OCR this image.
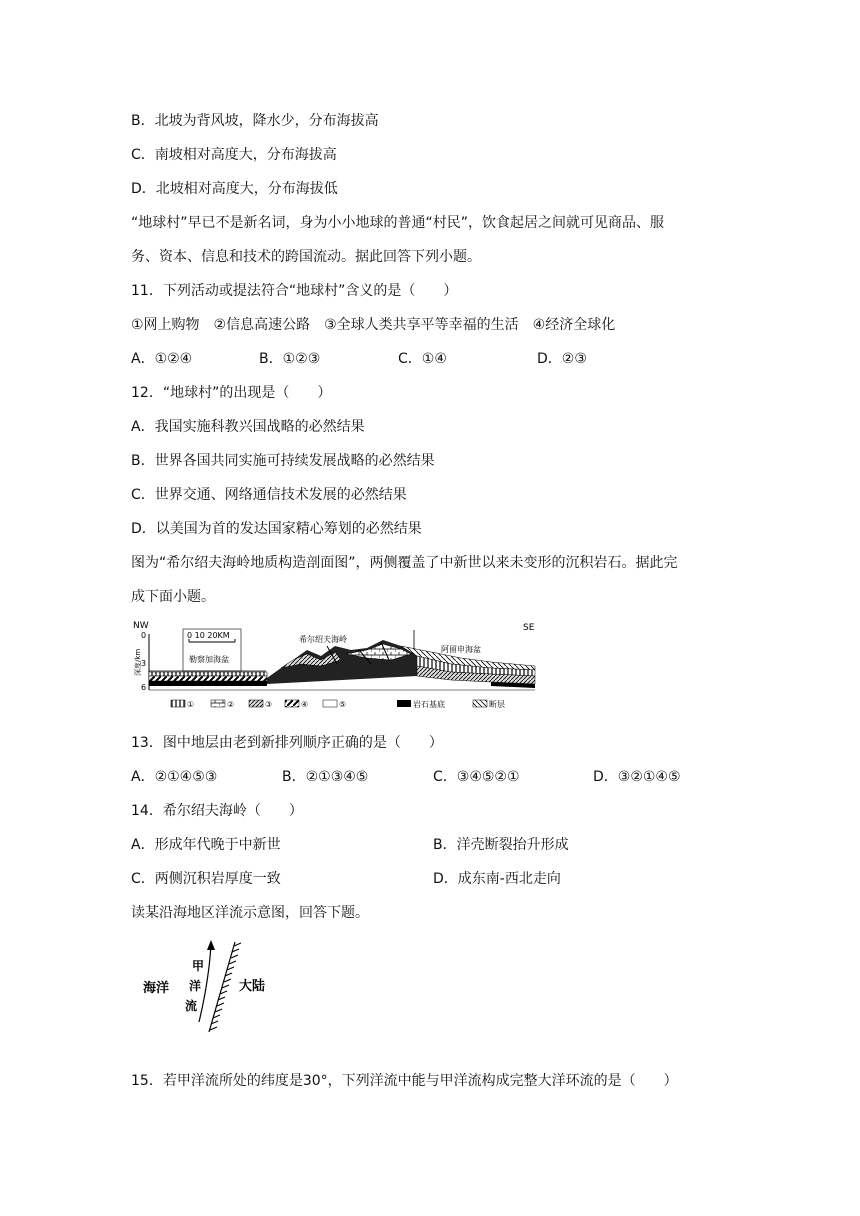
B．北坡为背风坡，降水少，分布海拔高
C．南坡相对高度大，分布海拔高
D．北坡相对高度大，分布海拔低
“地球村”早已不是新名词，身为小小地球的普通“村民”，饮食起居之间就可见商品、服
务、资本、信息和技术的跨国流动。据此回答下列小题。
11．下列活动或提法符合“地球村”含义的是（　　）
①网上购物　②信息高速公路　③全球人类共享平等幸福的生活　④经济全球化
A．①②④	B．①②③	C．①④	D．②③
12．“地球村”的出现是（　　）
A．我国实施科教兴国战略的必然结果
B．世界各国共同实施可持续发展战略的必然结果
C．世界交通、网络通信技术发展的必然结果
D．以美国为首的发达国家精心筹划的必然结果
图为“希尔绍夫海岭地质构造剖面图”，两侧覆盖了中新世以来未变形的沉积岩石。据此完
成下面小题。
NW	SE
0
3
6
深度/km
0 10 20KM
勒察加海盆
希尔绍夫海岭
阿留申海盆
①	②	③	④	⑤	岩石基底	断层
13．图中地层由老到新排列顺序正确的是（　　）
A．②①④⑤③	B．②①③④⑤	C．③④⑤②①	D．③②①④⑤
14．希尔绍夫海岭（　　）
A．形成年代晚于中新世	B．洋壳断裂抬升形成
C．两侧沉积岩厚度一致	D．成东南-西北走向
读某沿海地区洋流示意图，回答下题。
海洋
甲
洋
流
大陆
15．若甲洋流所处的纬度是30°，下列洋流中能与甲洋流构成完整大洋环流的是（　　）
